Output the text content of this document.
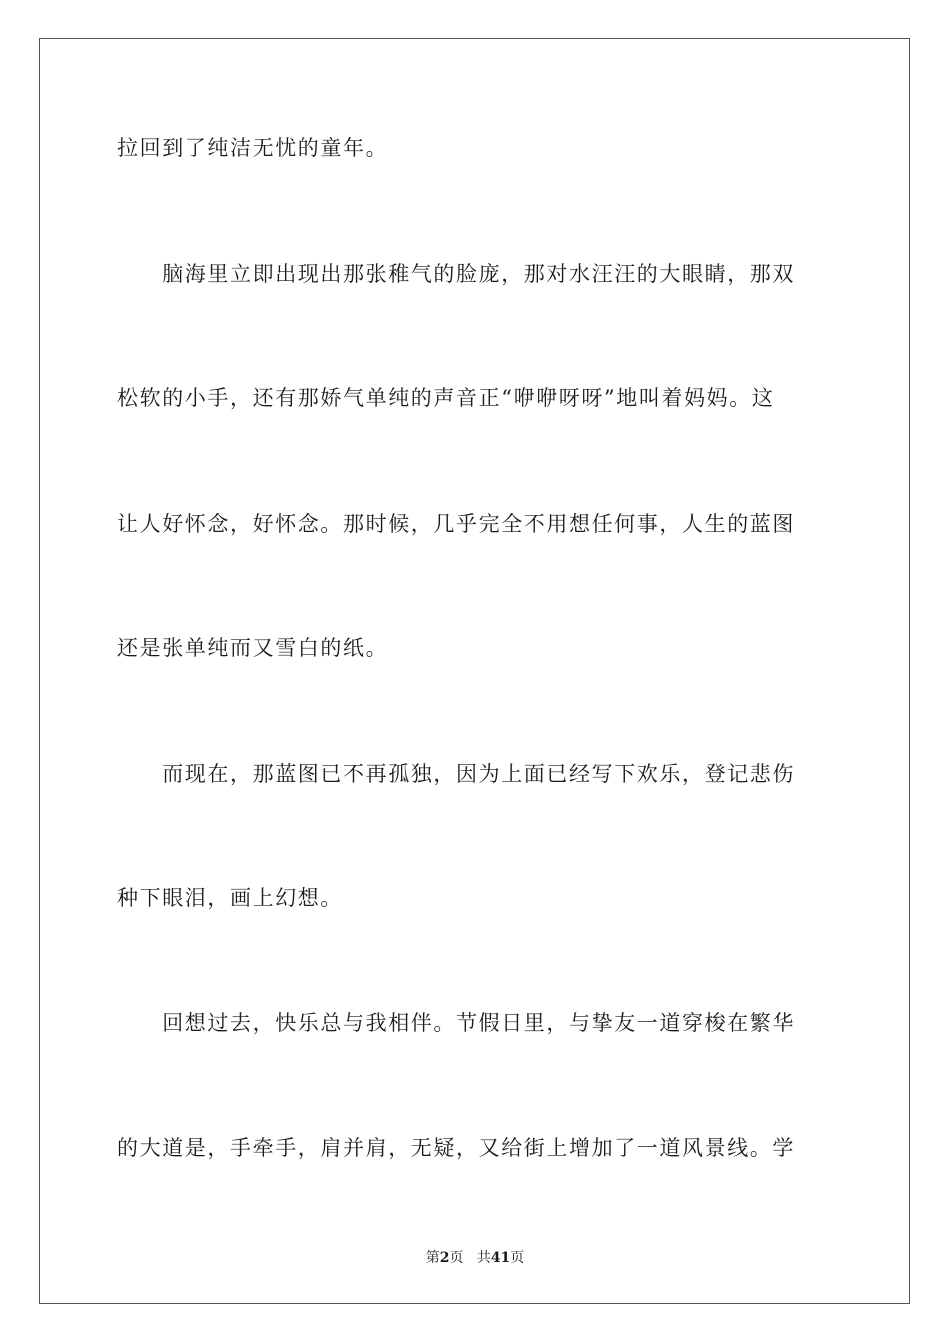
拉回到了纯洁无忧的童年。

　　脑海里立即出现出那张稚气的脸庞，那对水汪汪的大眼睛，那双

松软的小手，还有那娇气单纯的声音正“咿咿呀呀”地叫着妈妈。这

让人好怀念，好怀念。那时候，几乎完全不用想任何事，人生的蓝图

还是张单纯而又雪白的纸。

　　而现在，那蓝图已不再孤独，因为上面已经写下欢乐，登记悲伤

种下眼泪，画上幻想。

　　回想过去，快乐总与我相伴。节假日里，与挚友一道穿梭在繁华

的大道是，手牵手，肩并肩，无疑，又给街上增加了一道风景线。学

第2页 共41页
